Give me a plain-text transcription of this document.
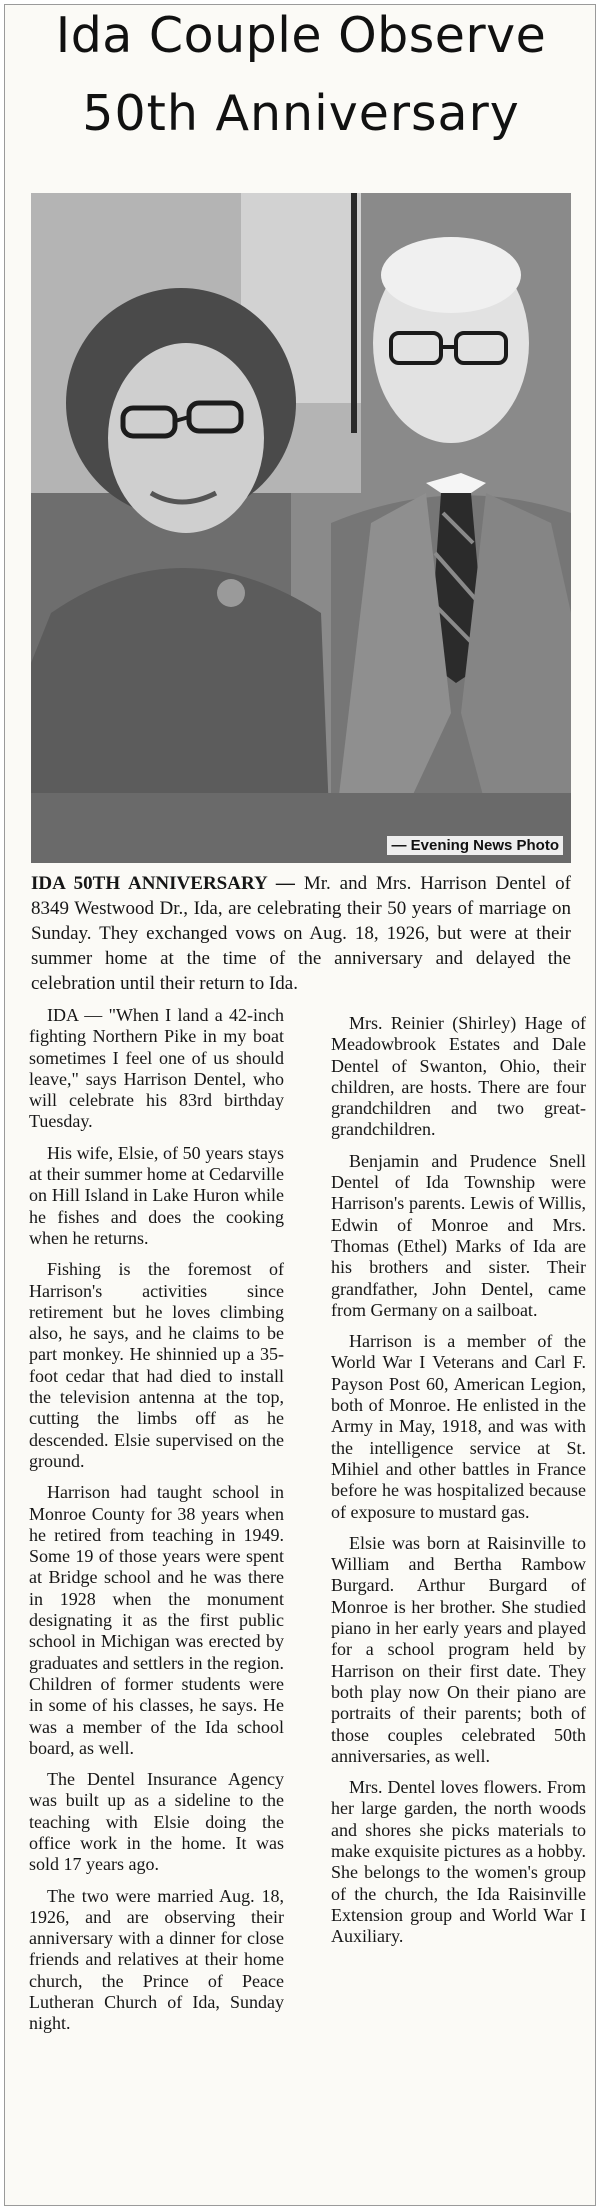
Ida Couple Observe
50th Anniversary
— Evening News Photo

IDA 50TH ANNIVERSARY — Mr. and Mrs. Harrison Dentel of 8349 Westwood Dr., Ida, are celebrating their 50 years of marriage on Sunday. They exchanged vows on Aug. 18, 1926, but were at their summer home at the time of the anniversary and delayed the celebration until their return to Ida.

IDA — "When I land a 42-inch fighting Northern Pike in my boat sometimes I feel one of us should leave," says Harrison Dentel, who will celebrate his 83rd birthday Tuesday.

His wife, Elsie, of 50 years stays at their summer home at Cedarville on Hill Island in Lake Huron while he fishes and does the cooking when he returns.

Fishing is the foremost of Harrison's activities since retirement but he loves climbing also, he says, and he claims to be part monkey. He shinnied up a 35-foot cedar that had died to install the television antenna at the top, cutting the limbs off as he descended. Elsie supervised on the ground.

Harrison had taught school in Monroe County for 38 years when he retired from teaching in 1949. Some 19 of those years were spent at Bridge school and he was there in 1928 when the monument designating it as the first public school in Michigan was erected by graduates and settlers in the region. Children of former students were in some of his classes, he says. He was a member of the Ida school board, as well.

The Dentel Insurance Agency was built up as a sideline to the teaching with Elsie doing the office work in the home. It was sold 17 years ago.

The two were married Aug. 18, 1926, and are observing their anniversary with a dinner for close friends and relatives at their home church, the Prince of Peace Lutheran Church of Ida, Sunday night.

Mrs. Reinier (Shirley) Hage of Meadowbrook Estates and Dale Dentel of Swanton, Ohio, their children, are hosts. There are four grandchildren and two great-grandchildren.

Benjamin and Prudence Snell Dentel of Ida Township were Harrison's parents. Lewis of Willis, Edwin of Monroe and Mrs. Thomas (Ethel) Marks of Ida are his brothers and sister. Their grandfather, John Dentel, came from Germany on a sailboat.

Harrison is a member of the World War I Veterans and Carl F. Payson Post 60, American Legion, both of Monroe. He enlisted in the Army in May, 1918, and was with the intelligence service at St. Mihiel and other battles in France before he was hospitalized because of exposure to mustard gas.

Elsie was born at Raisinville to William and Bertha Rambow Burgard. Arthur Burgard of Monroe is her brother. She studied piano in her early years and played for a school program held by Harrison on their first date. They both play now On their piano are portraits of their parents; both of those couples celebrated 50th anniversaries, as well.

Mrs. Dentel loves flowers. From her large garden, the north woods and shores she picks materials to make exquisite pictures as a hobby. She belongs to the women's group of the church, the Ida Raisinville Extension group and World War I Auxiliary.
